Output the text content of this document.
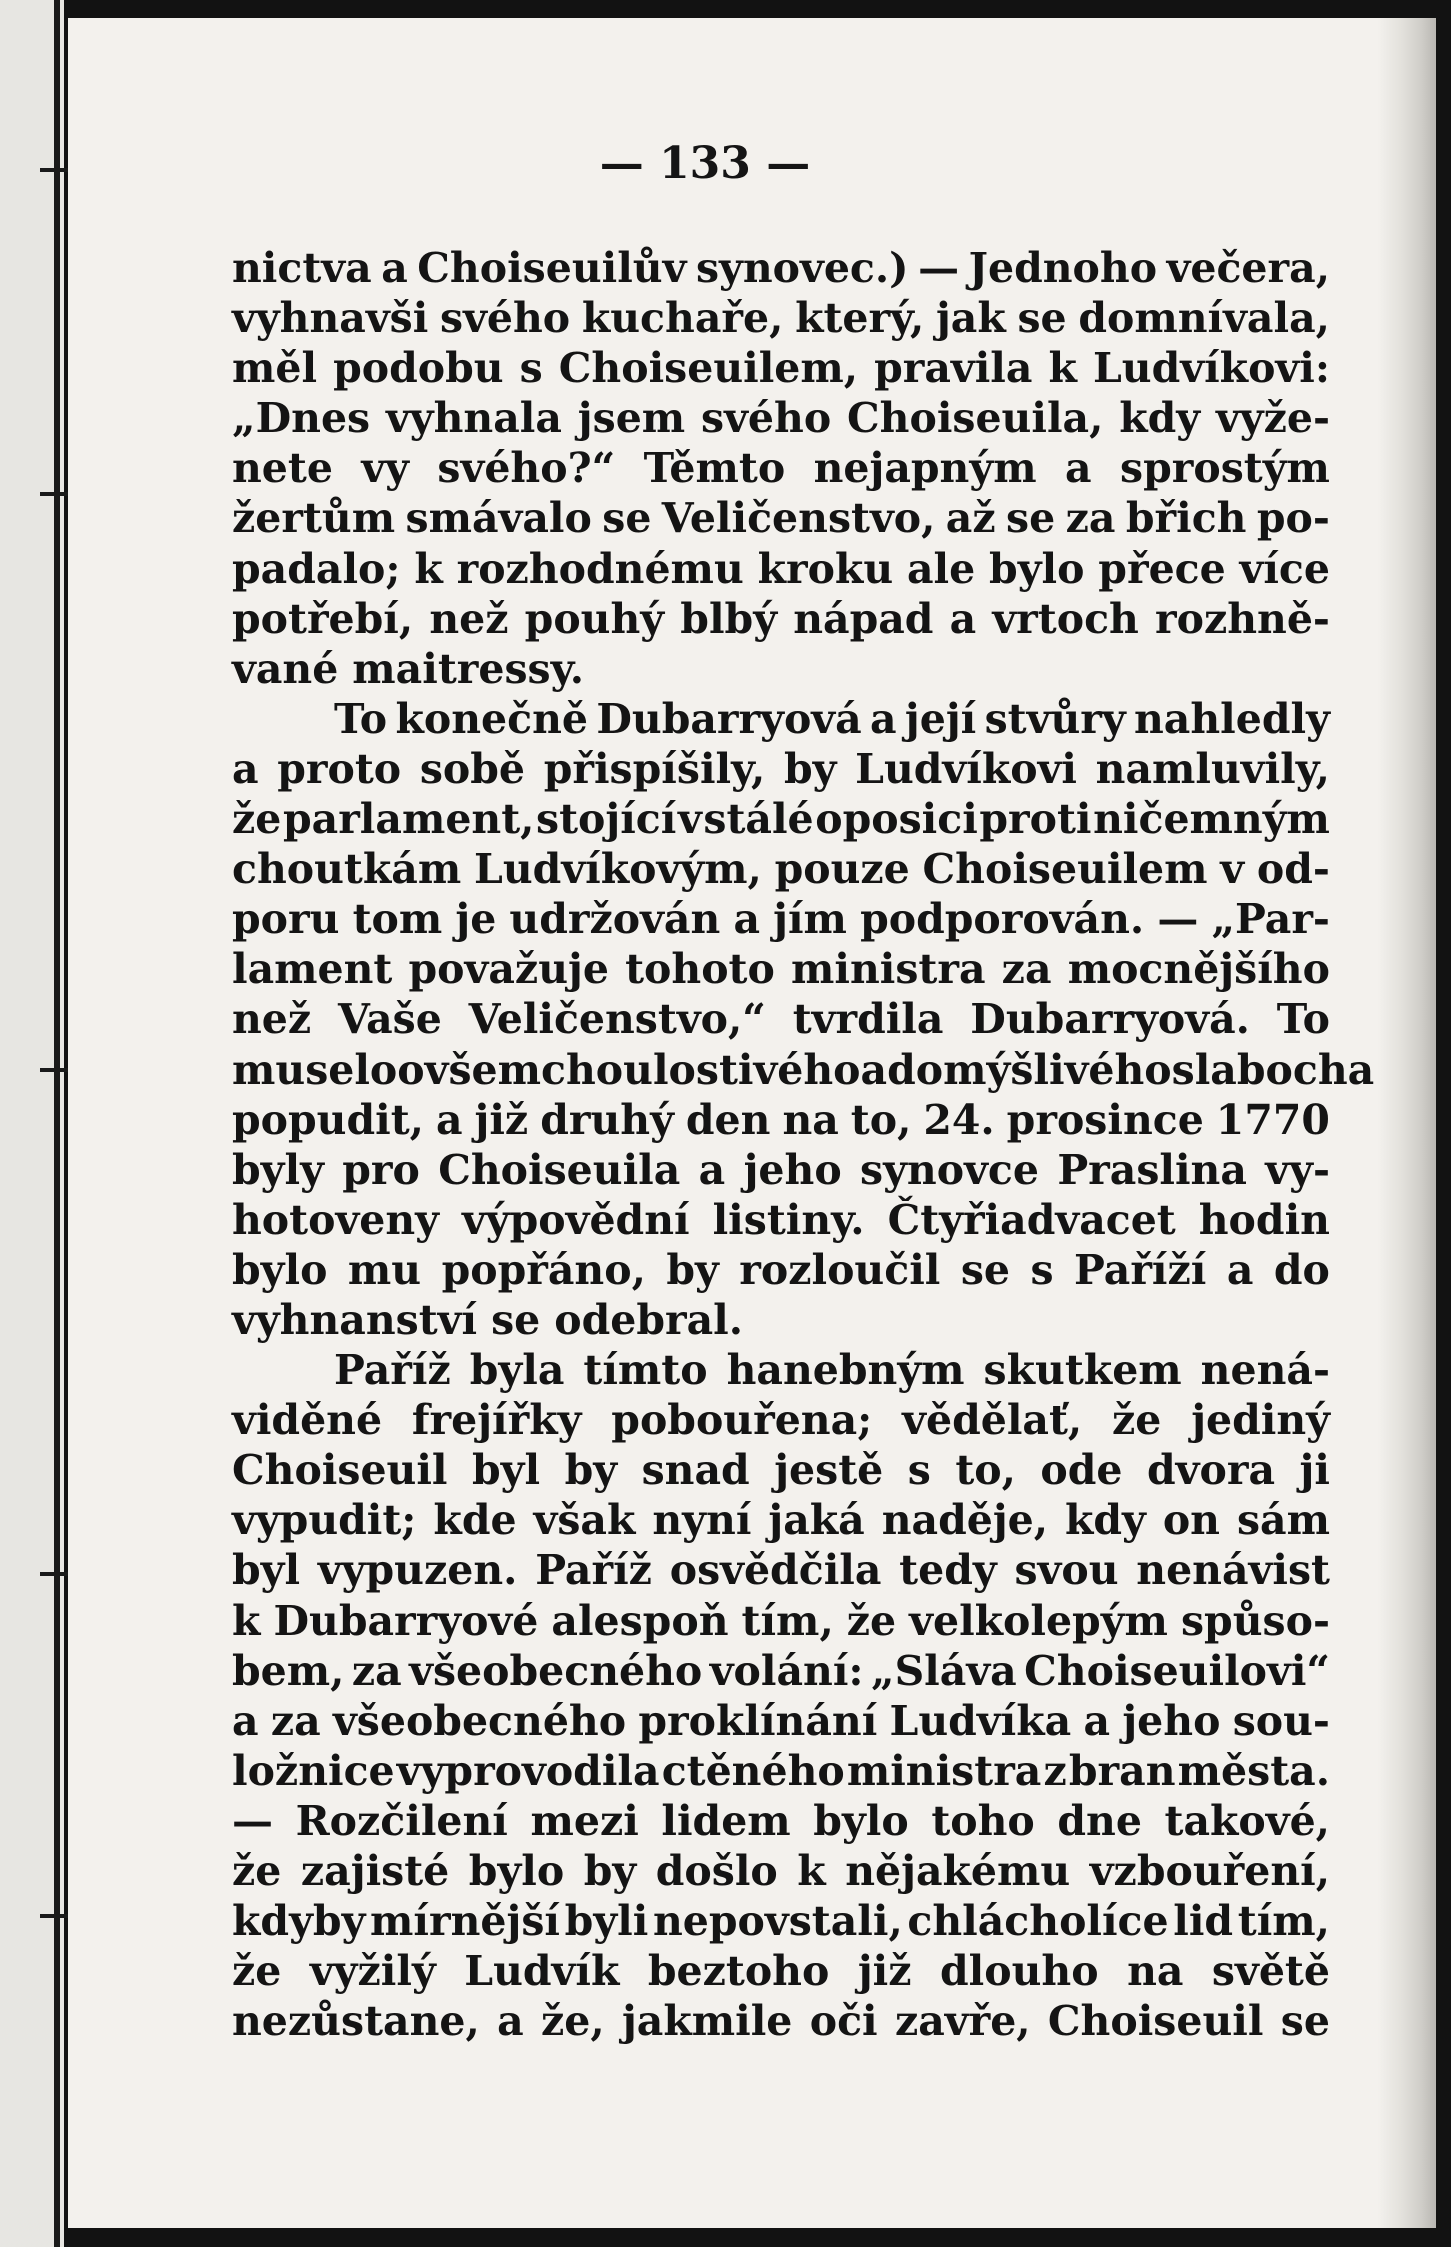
— 133 —
nictva a Choiseuilův synovec.) — Jednoho večera,
vyhnavši svého kuchaře, který, jak se domnívala,
měl podobu s Choiseuilem, pravila k Ludvíkovi:
„Dnes vyhnala jsem svého Choiseuila, kdy vyže-
nete vy svého?“ Těmto nejapným a sprostým
žertům smávalo se Veličenstvo, až se za břich po-
padalo; k rozhodnému kroku ale bylo přece více
potřebí, než pouhý blbý nápad a vrtoch rozhně-
vané maitressy.
To konečně Dubarryová a její stvůry nahledly
a proto sobě přispíšily, by Ludvíkovi namluvily,
že parlament, stojící v stálé oposici proti ničemným
choutkám Ludvíkovým, pouze Choiseuilem v od-
poru tom je udržován a jím podporován. — „Par-
lament považuje tohoto ministra za mocnějšího
než Vaše Veličenstvo,“ tvrdila Dubarryová. To
muselo ovšem choulostivého a domýšlivého slabocha
popudit, a již druhý den na to, 24. prosince 1770
byly pro Choiseuila a jeho synovce Praslina vy-
hotoveny výpovědní listiny. Čtyřiadvacet hodin
bylo mu popřáno, by rozloučil se s Paříží a do
vyhnanství se odebral.
Paříž byla tímto hanebným skutkem nená-
viděné frejířky pobouřena; vědělať, že jediný
Choiseuil byl by snad jestě s to, ode dvora ji
vypudit; kde však nyní jaká naděje, kdy on sám
byl vypuzen. Paříž osvědčila tedy svou nenávist
k Dubarryové alespoň tím, že velkolepým spůso-
bem, za všeobecného volání: „Sláva Choiseuilovi“
a za všeobecného proklínání Ludvíka a jeho sou-
ložnice vyprovodila ctěného ministra z bran města.
— Rozčilení mezi lidem bylo toho dne takové,
že zajisté bylo by došlo k nějakému vzbouření,
kdyby mírnější byli nepovstali, chlácholíce lid tím,
že vyžilý Ludvík beztoho již dlouho na světě
nezůstane, a že, jakmile oči zavře, Choiseuil se
